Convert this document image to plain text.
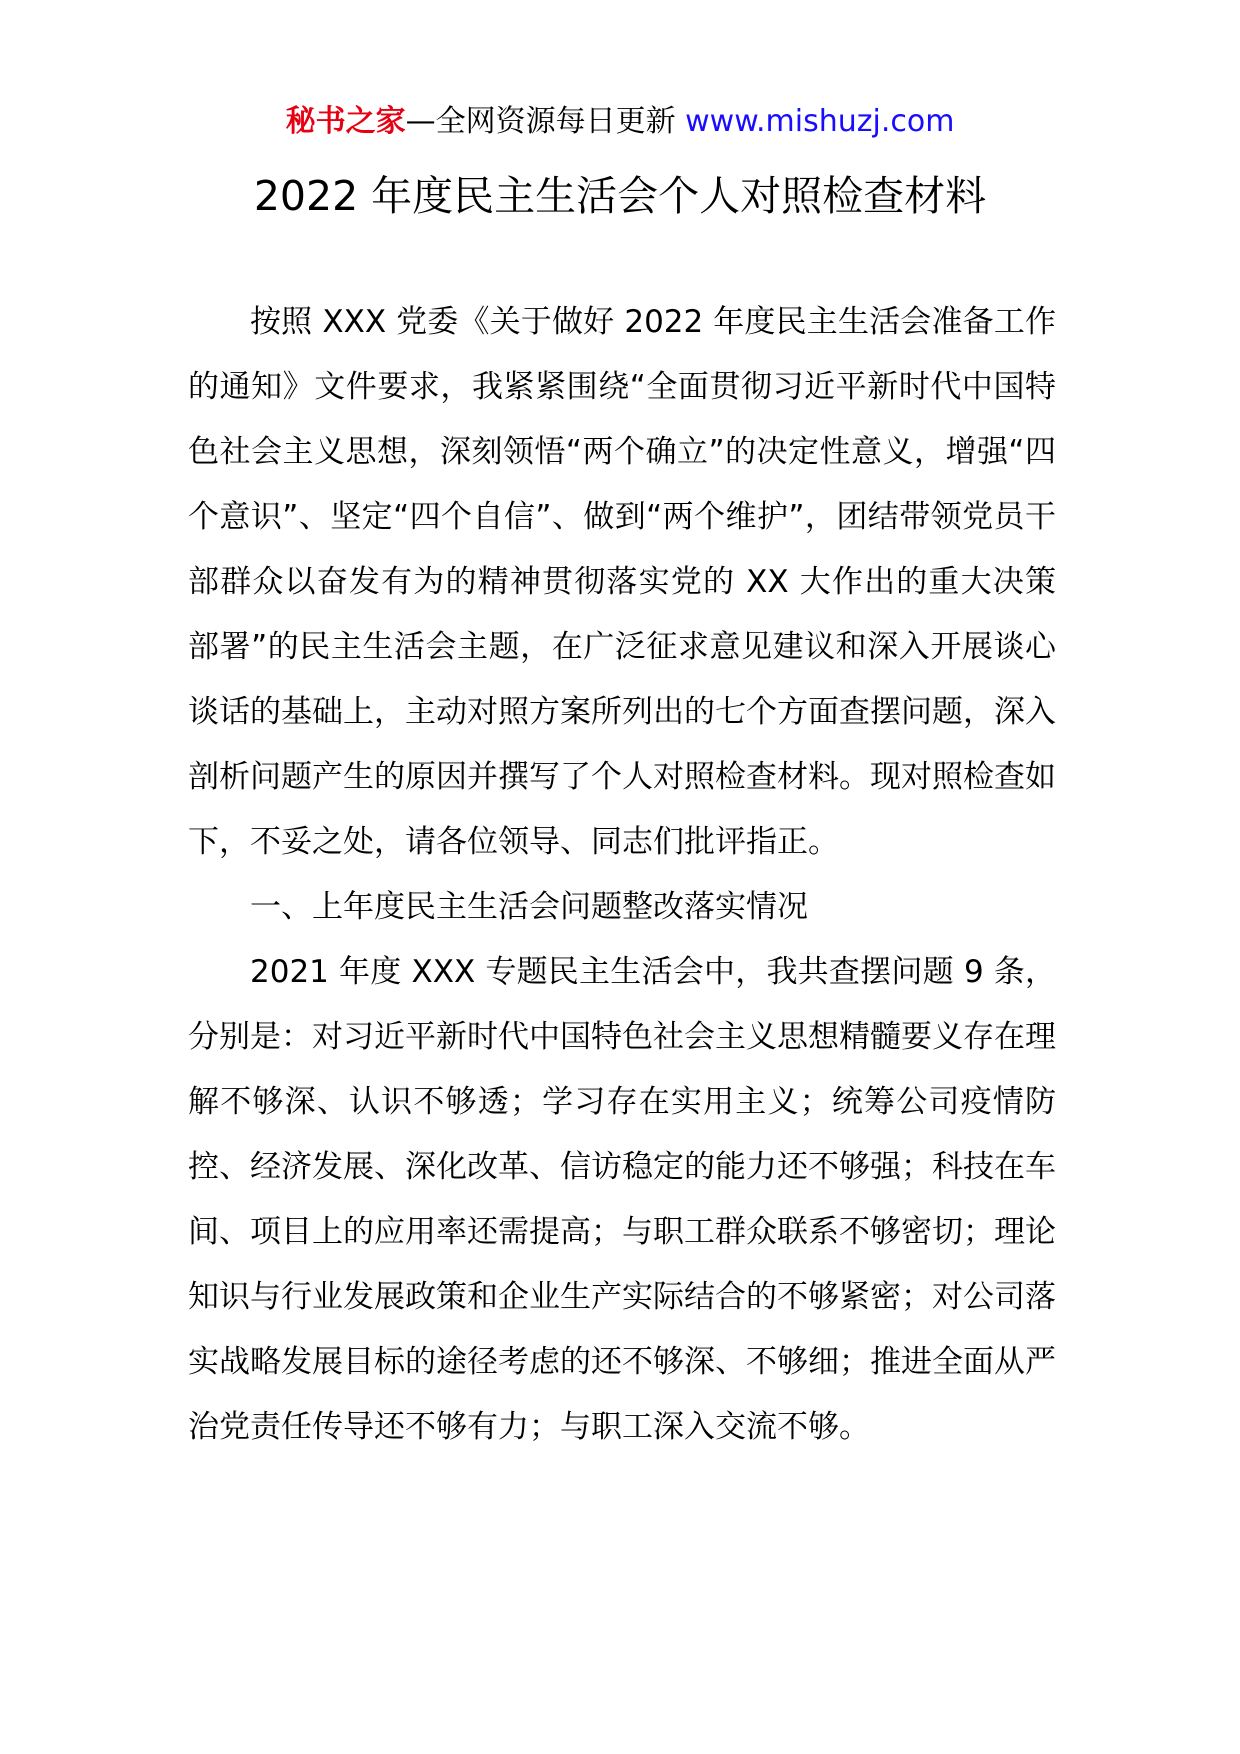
秘书之家—全网资源每日更新 www.mishuzj.com
2022 年度民主生活会个人对照检查材料

按照 XXX 党委《关于做好 2022 年度民主生活会准备工作的通知》文件要求，我紧紧围绕“全面贯彻习近平新时代中国特色社会主义思想，深刻领悟“两个确立”的决定性意义，增强“四个意识”、坚定“四个自信”、做到“两个维护”，团结带领党员干部群众以奋发有为的精神贯彻落实党的 XX 大作出的重大决策部署”的民主生活会主题，在广泛征求意见建议和深入开展谈心谈话的基础上，主动对照方案所列出的七个方面查摆问题，深入剖析问题产生的原因并撰写了个人对照检查材料。现对照检查如下，不妥之处，请各位领导、同志们批评指正。

一、上年度民主生活会问题整改落实情况

2021 年度 XXX 专题民主生活会中，我共查摆问题 9 条，分别是：对习近平新时代中国特色社会主义思想精髓要义存在理解不够深、认识不够透；学习存在实用主义；统筹公司疫情防控、经济发展、深化改革、信访稳定的能力还不够强；科技在车间、项目上的应用率还需提高；与职工群众联系不够密切；理论知识与行业发展政策和企业生产实际结合的不够紧密；对公司落实战略发展目标的途径考虑的还不够深、不够细；推进全面从严治党责任传导还不够有力；与职工深入交流不够。
